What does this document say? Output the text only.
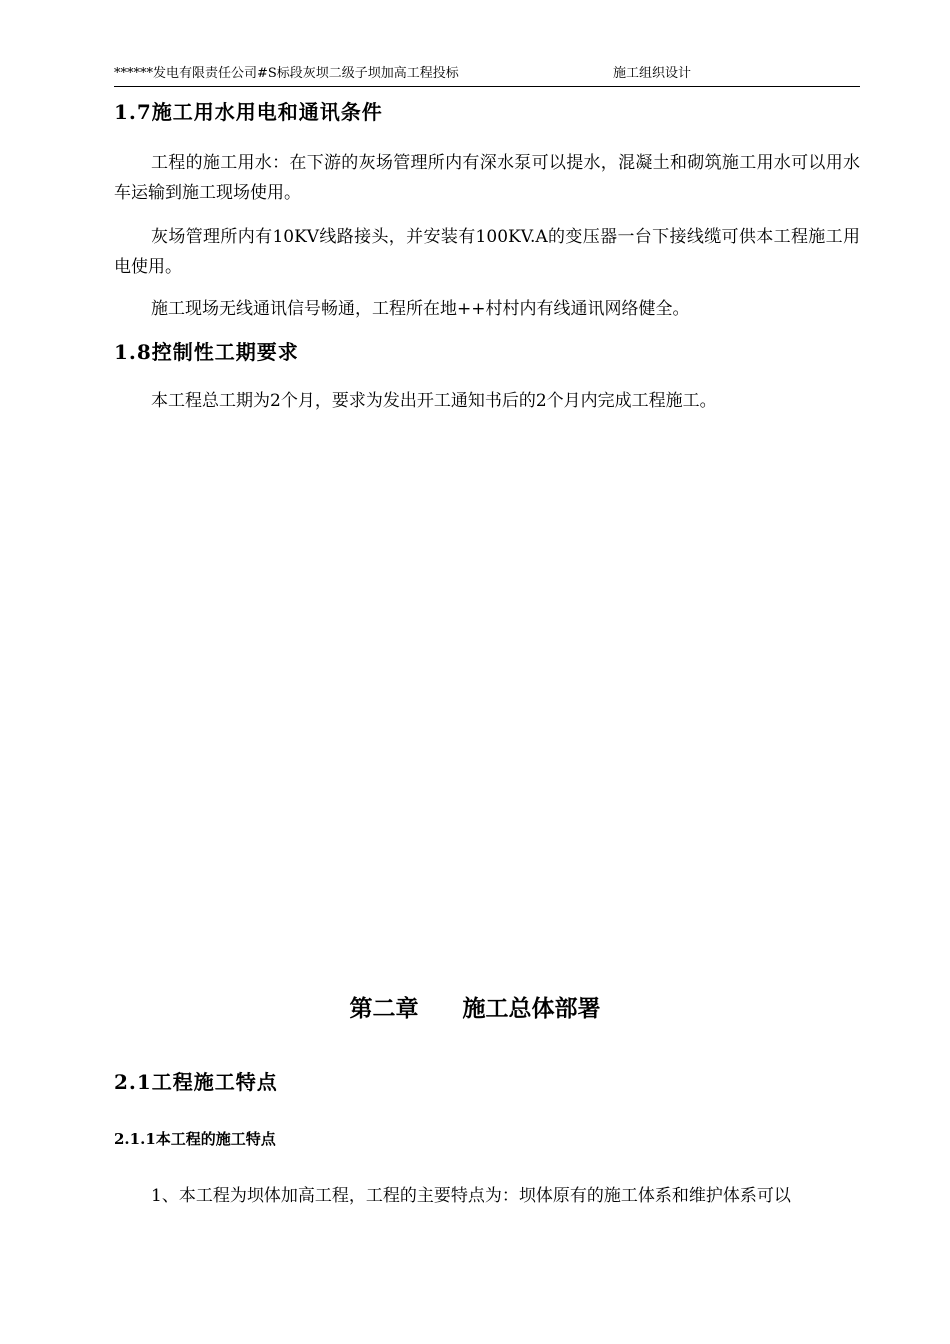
******发电有限责任公司#S标段灰坝二级子坝加高工程投标	施工组织设计
1.7施工用水用电和通讯条件
工程的施工用水：在下游的灰场管理所内有深水泵可以提水，混凝土和砌筑施工用水可以用水车运输到施工现场使用。
灰场管理所内有10KV线路接头，并安装有100KV.A的变压器一台下接线缆可供本工程施工用电使用。
施工现场无线通讯信号畅通，工程所在地++村村内有线通讯网络健全。
1.8控制性工期要求
本工程总工期为2个月，要求为发出开工通知书后的2个月内完成工程施工。
第二章 施工总体部署
2.1工程施工特点
2.1.1本工程的施工特点
1、本工程为坝体加高工程，工程的主要特点为：坝体原有的施工体系和维护体系可以
